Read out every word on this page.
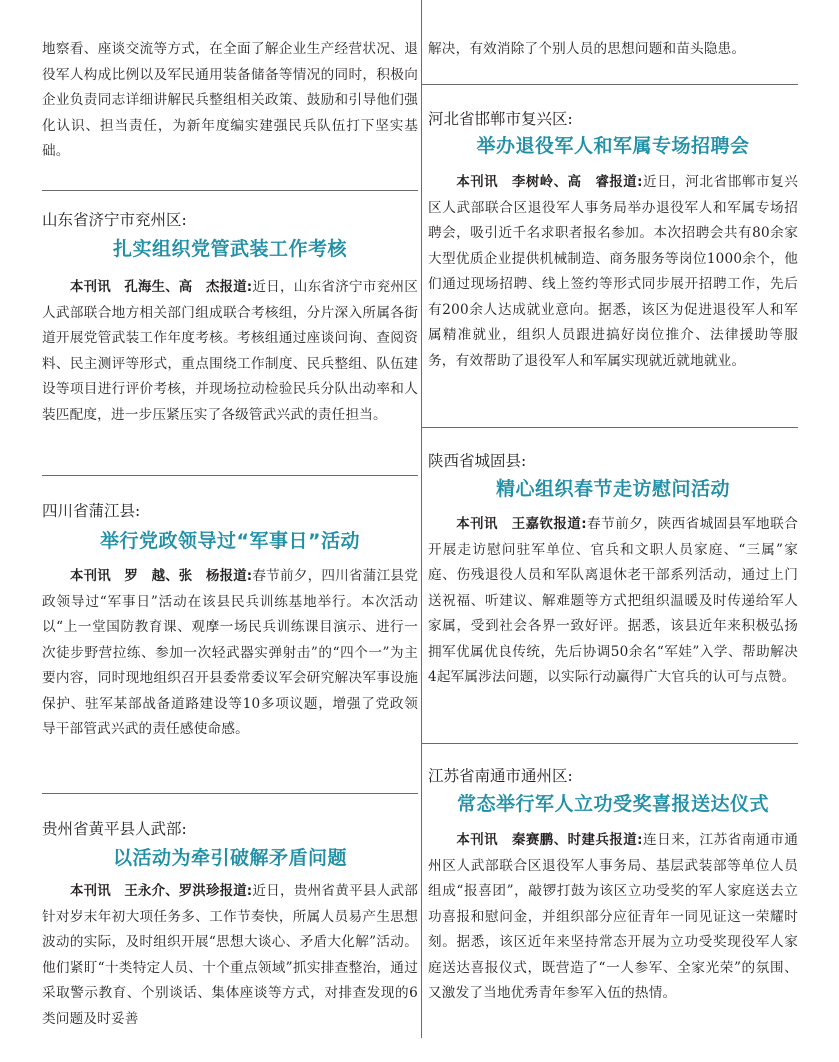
地察看、座谈交流等方式，在全面了解企业生产经营状况、退役军人构成比例以及军民通用装备储备等情况的同时，积极向企业负责同志详细讲解民兵整组相关政策、鼓励和引导他们强化认识、担当责任，为新年度编实建强民兵队伍打下坚实基础。

山东省济宁市兖州区:
扎实组织党管武装工作考核

本刊讯　孔海生、高　杰报道:近日，山东省济宁市兖州区人武部联合地方相关部门组成联合考核组，分片深入所属各街道开展党管武装工作年度考核。考核组通过座谈问询、查阅资料、民主测评等形式，重点围绕工作制度、民兵整组、队伍建设等项目进行评价考核，并现场拉动检验民兵分队出动率和人装匹配度，进一步压紧压实了各级管武兴武的责任担当。

四川省蒲江县:
举行党政领导过“军事日”活动

本刊讯　罗　越、张　杨报道:春节前夕，四川省蒲江县党政领导过“军事日”活动在该县民兵训练基地举行。本次活动以“上一堂国防教育课、观摩一场民兵训练课目演示、进行一次徒步野营拉练、参加一次轻武器实弹射击”的“四个一”为主要内容，同时现地组织召开县委常委议军会研究解决军事设施保护、驻军某部战备道路建设等10多项议题，增强了党政领导干部管武兴武的责任感使命感。

贵州省黄平县人武部:
以活动为牵引破解矛盾问题

本刊讯　王永介、罗洪珍报道:近日，贵州省黄平县人武部针对岁末年初大项任务多、工作节奏快，所属人员易产生思想波动的实际，及时组织开展“思想大谈心、矛盾大化解”活动。他们紧盯“十类特定人员、十个重点领域”抓实排查整治，通过采取警示教育、个别谈话、集体座谈等方式，对排查发现的6类问题及时妥善

解决，有效消除了个别人员的思想问题和苗头隐患。

河北省邯郸市复兴区:
举办退役军人和军属专场招聘会

本刊讯　李树岭、高　睿报道:近日，河北省邯郸市复兴区人武部联合区退役军人事务局举办退役军人和军属专场招聘会，吸引近千名求职者报名参加。本次招聘会共有80余家大型优质企业提供机械制造、商务服务等岗位1000余个，他们通过现场招聘、线上签约等形式同步展开招聘工作，先后有200余人达成就业意向。据悉，该区为促进退役军人和军属精准就业，组织人员跟进搞好岗位推介、法律援助等服务，有效帮助了退役军人和军属实现就近就地就业。

陕西省城固县:
精心组织春节走访慰问活动

本刊讯　王嘉钦报道:春节前夕，陕西省城固县军地联合开展走访慰问驻军单位、官兵和文职人员家庭、“三属”家庭、伤残退役人员和军队离退休老干部系列活动，通过上门送祝福、听建议、解难题等方式把组织温暖及时传递给军人家属，受到社会各界一致好评。据悉，该县近年来积极弘扬拥军优属优良传统，先后协调50余名“军娃”入学、帮助解决4起军属涉法问题，以实际行动赢得广大官兵的认可与点赞。

江苏省南通市通州区:
常态举行军人立功受奖喜报送达仪式

本刊讯　秦赛鹏、时建兵报道:连日来，江苏省南通市通州区人武部联合区退役军人事务局、基层武装部等单位人员组成“报喜团”，敲锣打鼓为该区立功受奖的军人家庭送去立功喜报和慰问金，并组织部分应征青年一同见证这一荣耀时刻。据悉，该区近年来坚持常态开展为立功受奖现役军人家庭送达喜报仪式，既营造了“一人参军、全家光荣”的氛围、又激发了当地优秀青年参军入伍的热情。
